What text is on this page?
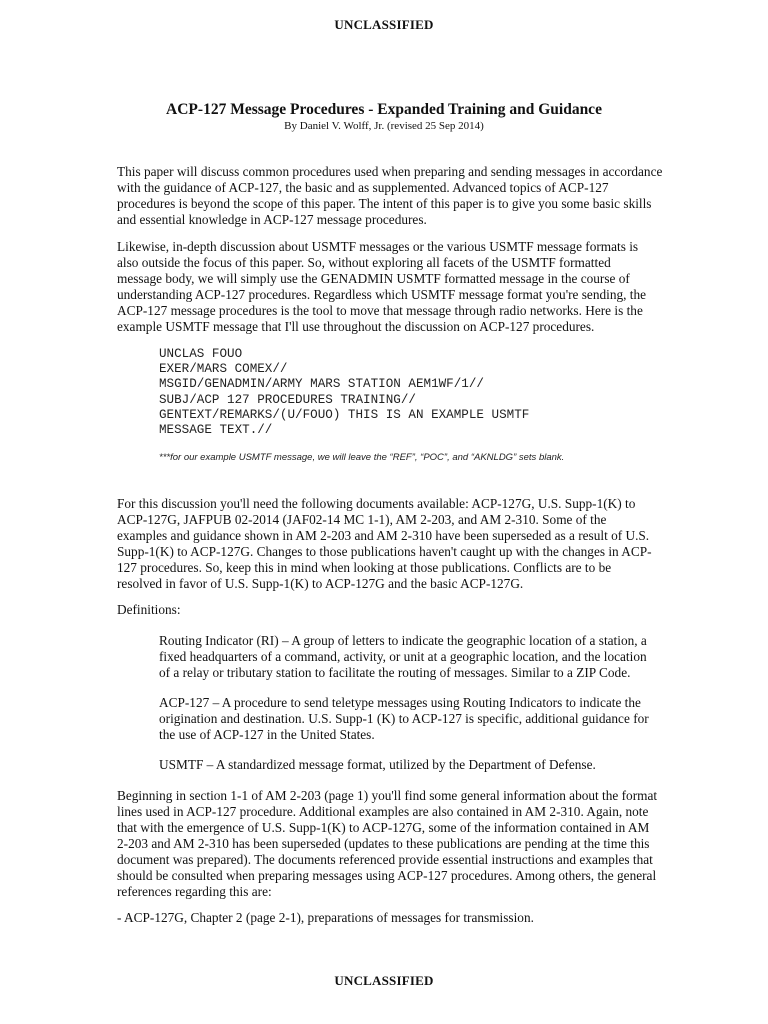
UNCLASSIFIED
ACP-127 Message Procedures - Expanded Training and Guidance
By Daniel V. Wolff, Jr. (revised 25 Sep 2014)
This paper will discuss common procedures used when preparing and sending messages in accordance
with the guidance of ACP-127, the basic and as supplemented. Advanced topics of ACP-127
procedures is beyond the scope of this paper. The intent of this paper is to give you some basic skills
and essential knowledge in ACP-127 message procedures.
Likewise, in-depth discussion about USMTF messages or the various USMTF message formats is
also outside the focus of this paper. So, without exploring all facets of the USMTF formatted
message body, we will simply use the GENADMIN USMTF formatted message in the course of
understanding ACP-127 procedures. Regardless which USMTF message format you're sending, the
ACP-127 message procedures is the tool to move that message through radio networks. Here is the
example USMTF message that I'll use throughout the discussion on ACP-127 procedures.
UNCLAS FOUO
EXER/MARS COMEX//
MSGID/GENADMIN/ARMY MARS STATION AEM1WF/1//
SUBJ/ACP 127 PROCEDURES TRAINING//
GENTEXT/REMARKS/(U/FOUO) THIS IS AN EXAMPLE USMTF
MESSAGE TEXT.//
***for our example USMTF message, we will leave the “REF”, “POC”, and “AKNLDG” sets blank.
For this discussion you'll need the following documents available: ACP-127G, U.S. Supp-1(K) to
ACP-127G, JAFPUB 02-2014 (JAF02-14 MC 1-1), AM 2-203, and AM 2-310. Some of the
examples and guidance shown in AM 2-203 and AM 2-310 have been superseded as a result of U.S.
Supp-1(K) to ACP-127G. Changes to those publications haven't caught up with the changes in ACP-
127 procedures. So, keep this in mind when looking at those publications. Conflicts are to be
resolved in favor of U.S. Supp-1(K) to ACP-127G and the basic ACP-127G.
Definitions:
Routing Indicator (RI) – A group of letters to indicate the geographic location of a station, a
fixed headquarters of a command, activity, or unit at a geographic location, and the location
of a relay or tributary station to facilitate the routing of messages. Similar to a ZIP Code.
ACP-127 – A procedure to send teletype messages using Routing Indicators to indicate the
origination and destination. U.S. Supp-1 (K) to ACP-127 is specific, additional guidance for
the use of ACP-127 in the United States.
USMTF – A standardized message format, utilized by the Department of Defense.
Beginning in section 1-1 of AM 2-203 (page 1) you'll find some general information about the format
lines used in ACP-127 procedure. Additional examples are also contained in AM 2-310. Again, note
that with the emergence of U.S. Supp-1(K) to ACP-127G, some of the information contained in AM
2-203 and AM 2-310 has been superseded (updates to these publications are pending at the time this
document was prepared). The documents referenced provide essential instructions and examples that
should be consulted when preparing messages using ACP-127 procedures. Among others, the general
references regarding this are:
- ACP-127G, Chapter 2 (page 2-1), preparations of messages for transmission.
UNCLASSIFIED
